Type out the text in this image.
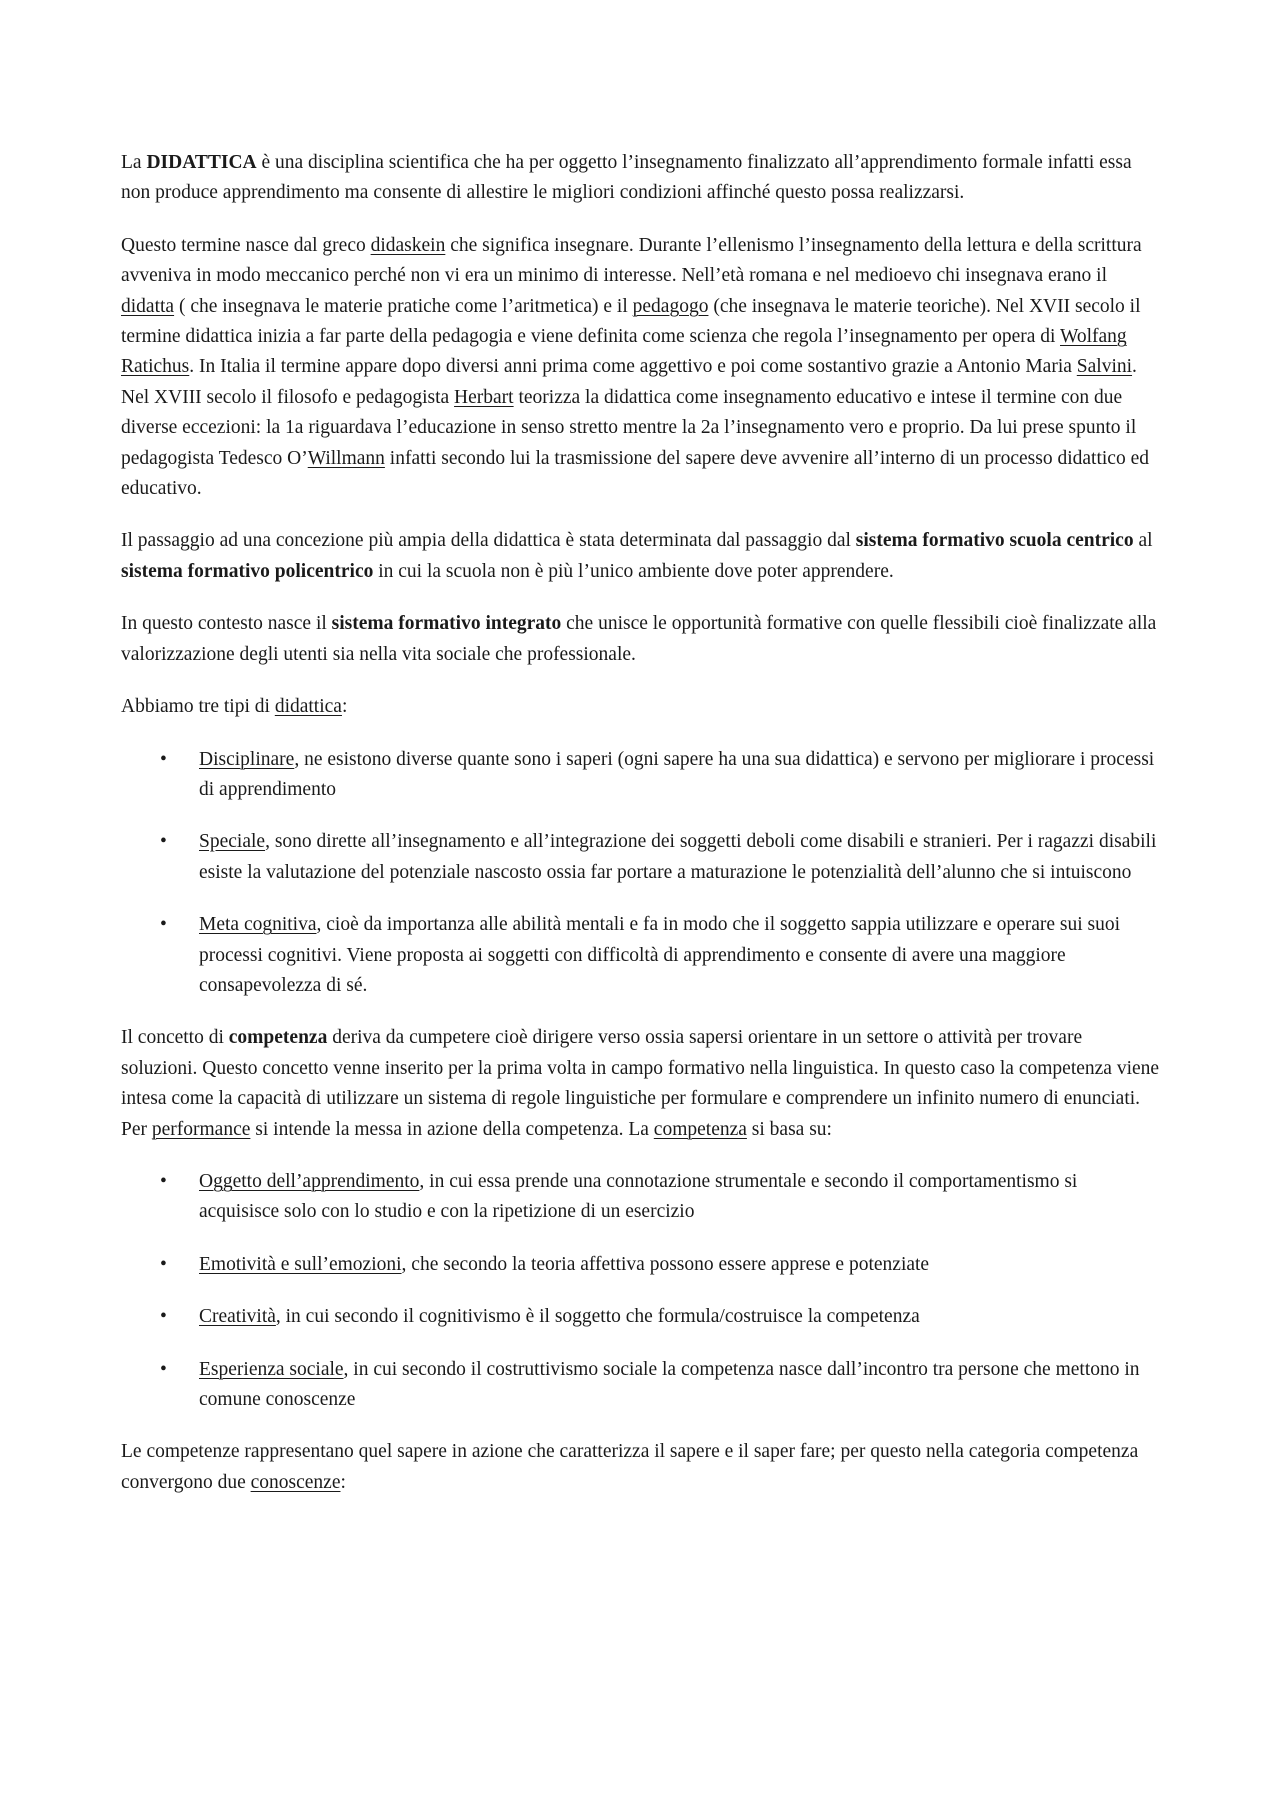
La DIDATTICA è una disciplina scientifica che ha per oggetto l’insegnamento finalizzato all’apprendimento formale infatti essa non produce apprendimento ma consente di allestire le migliori condizioni affinché questo possa realizzarsi.

Questo termine nasce dal greco didaskein che significa insegnare. Durante l’ellenismo l’insegnamento della lettura e della scrittura avveniva in modo meccanico perché non vi era un minimo di interesse. Nell’età romana e nel medioevo chi insegnava erano il didatta ( che insegnava le materie pratiche come l’aritmetica) e il pedagogo (che insegnava le materie teoriche). Nel XVII secolo il termine didattica inizia a far parte della pedagogia e viene definita come scienza che regola l’insegnamento per opera di Wolfang Ratichus. In Italia il termine appare dopo diversi anni prima come aggettivo e poi come sostantivo grazie a Antonio Maria Salvini. Nel XVIII secolo il filosofo e pedagogista Herbart teorizza la didattica come insegnamento educativo e intese il termine con due diverse eccezioni: la 1a riguardava l’educazione in senso stretto mentre la 2a l’insegnamento vero e proprio. Da lui prese spunto il pedagogista Tedesco O’Willmann infatti secondo lui la trasmissione del sapere deve avvenire all’interno di un processo didattico ed educativo.

Il passaggio ad una concezione più ampia della didattica è stata determinata dal passaggio dal sistema formativo scuola centrico al sistema formativo policentrico in cui la scuola non è più l’unico ambiente dove poter apprendere.

In questo contesto nasce il sistema formativo integrato che unisce le opportunità formative con quelle flessibili cioè finalizzate alla valorizzazione degli utenti sia nella vita sociale che professionale.

Abbiamo tre tipi di didattica:

• Disciplinare, ne esistono diverse quante sono i saperi (ogni sapere ha una sua didattica) e servono per migliorare i processi di apprendimento
• Speciale, sono dirette all’insegnamento e all’integrazione dei soggetti deboli come disabili e stranieri. Per i ragazzi disabili esiste la valutazione del potenziale nascosto ossia far portare a maturazione le potenzialità dell’alunno che si intuiscono
• Meta cognitiva, cioè da importanza alle abilità mentali e fa in modo che il soggetto sappia utilizzare e operare sui suoi processi cognitivi. Viene proposta ai soggetti con difficoltà di apprendimento e consente di avere una maggiore consapevolezza di sé.

Il concetto di competenza deriva da cumpetere cioè dirigere verso ossia sapersi orientare in un settore o attività per trovare soluzioni. Questo concetto venne inserito per la prima volta in campo formativo nella linguistica. In questo caso la competenza viene intesa come la capacità di utilizzare un sistema di regole linguistiche per formulare e comprendere un infinito numero di enunciati. Per performance si intende la messa in azione della competenza. La competenza si basa su:

• Oggetto dell’apprendimento, in cui essa prende una connotazione strumentale e secondo il comportamentismo si acquisisce solo con lo studio e con la ripetizione di un esercizio
• Emotività e sull’emozioni, che secondo la teoria affettiva possono essere apprese e potenziate
• Creatività, in cui secondo il cognitivismo è il soggetto che formula/costruisce la competenza
• Esperienza sociale, in cui secondo il costruttivismo sociale la competenza nasce dall’incontro tra persone che mettono in comune conoscenze

Le competenze rappresentano quel sapere in azione che caratterizza il sapere e il saper fare; per questo nella categoria competenza convergono due conoscenze:
